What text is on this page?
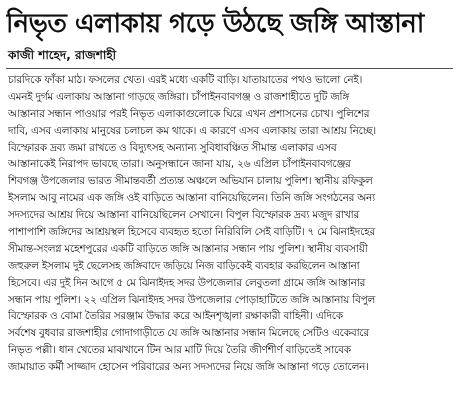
নিভৃত এলাকায় গড়ে উঠছে জঙ্গি আস্তানা
কাজী শাহেদ, রাজশাহী
চারদিকে ফাঁকা মাঠ। ফসলের খেত। এরই মধ্যে একটি বাড়ি। যাতায়াতের পথও ভালো নেই।
এমনই দুর্গম এলাকায় আস্তানা গাড়ছে জঙ্গিরা। চাঁপাইনবাবগঞ্জ ও রাজশাহীতে দুটি জঙ্গি
আস্তানার সন্ধান পাওয়ার পরই নিভৃত এলাকাগুলোকে ঘিরে এখন প্রশাসনের চোখ। পুলিশের
দাবি, এসব এলাকায় মানুষের চলাচল কম থাকে। এ কারণে এসব এলাকায় তারা আশ্রয় নিচ্ছে।
বিস্ফোরক দ্রব্য জমা রাখতে ও বিদ্যুৎসহ অন্যান্য সুবিধাবঞ্চিত সীমান্ত এলাকার এসব
আস্তানাকেই নিরাপদ ভাবছে তারা। অনুসন্ধানে জানা যায়, ২৬ এপ্রিল চাঁপাইনবাবগঞ্জের
শিবগঞ্জ উপজেলার ভারত সীমান্তবর্তী প্রত্যন্ত অঞ্চলে অভিযান চালায় পুলিশ। স্থানীয় রফিকুল
ইসলাম আবু নামের এক জঙ্গি ওই বাড়িতে আস্তানা বানিয়েছিলেন। তিনি জঙ্গি সংগঠনের অন্য
সদস্যদের আশ্রয় দিয়ে আস্তানা বানিয়েছিলেন সেখানে। বিপুল বিস্ফোরক দ্রব্য মজুদ রাখার
পাশাপাশি জঙ্গিদের আশ্রয়স্থল হিসেবে ব্যবহৃত হতো নিরিবিলি সেই বাড়িটি। ৭ মে ঝিনাইদহের
সীমান্ত-সংলগ্ন মহেশপুরের একটি বাড়িতে জঙ্গি আস্তানার সন্ধান পায় পুলিশ। স্থানীয় ব্যবসায়ী
জহুরুল ইসলাম দুই ছেলেসহ জঙ্গিবাদে জড়িয়ে নিজ বাড়িকেই ব্যবহার করছিলেন আস্তানা
হিসেবে। এর দুই দিন আগে ৫ মে ঝিনাইদহ সদর উপজেলার লেবুতলা গ্রামে জঙ্গি আস্তানার
সন্ধান পায় পুলিশ। ২২ এপ্রিল ঝিনাইদহ সদর উপজেলার পোড়াহাটিতে জঙ্গি আস্তানায় বিপুল
বিস্ফোরক ও বোমা তৈরির সরঞ্জাম উদ্ধার করে আইনশৃঙ্খলা রক্ষাকারী বাহিনী। এদিকে
সর্বশেষ বুধবার রাজশাহীর গোদাগাড়ীতে যে জঙ্গি আস্তানার সন্ধান মিলেছে সেটিও একেবারে
নিভৃত পল্লী। ধান খেতের মাঝখানে টিন আর মাটি দিয়ে তৈরি জীর্ণশীর্ণ বাড়িতেই সাবেক
জামায়াত কর্মী সাজ্জাদ হোসেন পরিবারের অন্য সদস্যদের নিয়ে জঙ্গি আস্তানা গড়ে তোলেন।
